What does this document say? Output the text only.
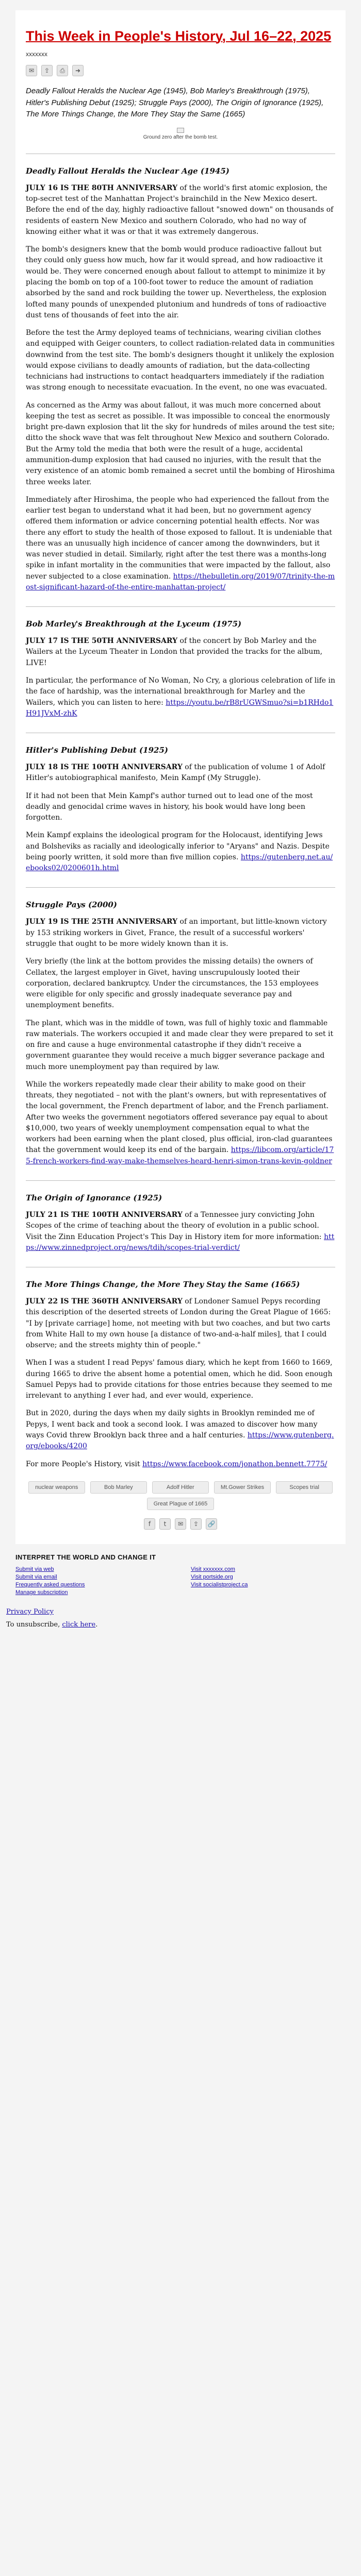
This Week in People's History, Jul 16–22, 2025
xxxxxxx
✉	⇪	⎙	➜
Deadly Fallout Heralds the Nuclear Age (1945), Bob Marley's Breakthrough (1975), Hitler's Publishing Debut (1925); Struggle Pays (2000), The Origin of Ignorance (1925), The More Things Change, the More They Stay the Same (1665)
Ground zero after the bomb test.
Deadly Fallout Heralds the Nuclear Age (1945)

JULY 16 IS THE 80TH ANNIVERSARY of the world's first atomic explosion, the top-secret test of the Manhattan Project's brainchild in the New Mexico desert. Before the end of the day, highly radioactive fallout "snowed down" on thousands of residents of eastern New Mexico and southern Colorado, who had no way of knowing either what it was or that it was extremely dangerous.

The bomb's designers knew that the bomb would produce radioactive fallout but they could only guess how much, how far it would spread, and how radioactive it would be. They were concerned enough about fallout to attempt to minimize it by placing the bomb on top of a 100-foot tower to reduce the amount of radiation absorbed by the sand and rock building the tower up. Nevertheless, the explosion lofted many pounds of unexpended plutonium and hundreds of tons of radioactive dust tens of thousands of feet into the air.

Before the test the Army deployed teams of technicians, wearing civilian clothes and equipped with Geiger counters, to collect radiation-related data in communities downwind from the test site. The bomb's designers thought it unlikely the explosion would expose civilians to deadly amounts of radiation, but the data-collecting technicians had instructions to contact headquarters immediately if the radiation was strong enough to necessitate evacuation. In the event, no one was evacuated.

As concerned as the Army was about fallout, it was much more concerned about keeping the test as secret as possible. It was impossible to conceal the enormously bright pre-dawn explosion that lit the sky for hundreds of miles around the test site; ditto the shock wave that was felt throughout New Mexico and southern Colorado. But the Army told the media that both were the result of a huge, accidental ammunition-dump explosion that had caused no injuries, with the result that the very existence of an atomic bomb remained a secret until the bombing of Hiroshima three weeks later.

Immediately after Hiroshima, the people who had experienced the fallout from the earlier test began to understand what it had been, but no government agency offered them information or advice concerning potential health effects. Nor was there any effort to study the health of those exposed to fallout. It is undeniable that there was an unusually high incidence of cancer among the downwinders, but it was never studied in detail. Similarly, right after the test there was a months-long spike in infant mortality in the communities that were impacted by the fallout, also never subjected to a close examination. https://thebulletin.org/2019/07/trinity-the-most-significant-hazard-of-the-entire-manhattan-project/

Bob Marley's Breakthrough at the Lyceum (1975)

JULY 17 IS THE 50TH ANNIVERSARY of the concert by Bob Marley and the Wailers at the Lyceum Theater in London that provided the tracks for the album, LIVE!

In particular, the performance of No Woman, No Cry, a glorious celebration of life in the face of hardship, was the international breakthrough for Marley and the Wailers, which you can listen to here: https://youtu.be/rB8rUGWSmuo?si=b1RHdo1H91JVxM-zhK

Hitler's Publishing Debut (1925)

JULY 18 IS THE 100TH ANNIVERSARY of the publication of volume 1 of Adolf Hitler's autobiographical manifesto, Mein Kampf (My Struggle).

If it had not been that Mein Kampf's author turned out to lead one of the most deadly and genocidal crime waves in history, his book would have long been forgotten.

Mein Kampf explains the ideological program for the Holocaust, identifying Jews and Bolsheviks as racially and ideologically inferior to "Aryans" and Nazis. Despite being poorly written, it sold more than five million copies. https://gutenberg.net.au/ebooks02/0200601h.html

Struggle Pays (2000)

JULY 19 IS THE 25TH ANNIVERSARY of an important, but little-known victory by 153 striking workers in Givet, France, the result of a successful workers' struggle that ought to be more widely known than it is.

Very briefly (the link at the bottom provides the missing details) the owners of Cellatex, the largest employer in Givet, having unscrupulously looted their corporation, declared bankruptcy. Under the circumstances, the 153 employees were eligible for only specific and grossly inadequate severance pay and unemployment benefits.

The plant, which was in the middle of town, was full of highly toxic and flammable raw materials. The workers occupied it and made clear they were prepared to set it on fire and cause a huge environmental catastrophe if they didn't receive a government guarantee they would receive a much bigger severance package and much more unemployment pay than required by law.

While the workers repeatedly made clear their ability to make good on their threats, they negotiated – not with the plant's owners, but with representatives of the local government, the French department of labor, and the French parliament. After two weeks the government negotiators offered severance pay equal to about $10,000, two years of weekly unemployment compensation equal to what the workers had been earning when the plant closed, plus official, iron-clad guarantees that the government would keep its end of the bargain. https://libcom.org/article/175-french-workers-find-way-make-themselves-heard-henri-simon-trans-kevin-goldner

The Origin of Ignorance (1925)

JULY 21 IS THE 100TH ANNIVERSARY of a Tennessee jury convicting John Scopes of the crime of teaching about the theory of evolution in a public school. Visit the Zinn Education Project's This Day in History item for more information: https://www.zinnedproject.org/news/tdih/scopes-trial-verdict/

The More Things Change, the More They Stay the Same (1665)

JULY 22 IS THE 360TH ANNIVERSARY of Londoner Samuel Pepys recording this description of the deserted streets of London during the Great Plague of 1665: "I by [private carriage] home, not meeting with but two coaches, and but two carts from White Hall to my own house [a distance of two-and-a-half miles], that I could observe; and the streets mighty thin of people."

When I was a student I read Pepys' famous diary, which he kept from 1660 to 1669, during 1665 to drive the absent home a potential omen, which he did. Soon enough Samuel Pepys had to provide citations for those entries because they seemed to me irrelevant to anything I ever had, and ever would, experience.

But in 2020, during the days when my daily sights in Brooklyn reminded me of Pepys, I went back and took a second look. I was amazed to discover how many ways Covid threw Brooklyn back three and a half centuries. https://www.gutenberg.org/ebooks/4200

For more People's History, visit https://www.facebook.com/jonathon.bennett.7775/

nuclear weapons	Bob Marley	Adolf Hitler	Mt.Gower Strikes	Scopes trial
Great Plague of 1665
f	t	✉	⇪	🔗
INTERPRET THE WORLD AND CHANGE IT
Submit via web	Visit xxxxxxx.com
Submit via email	Visit portside.org
Frequently asked questions	Visit socialistproject.ca
Manage subscription
Privacy Policy
To unsubscribe, click here.
